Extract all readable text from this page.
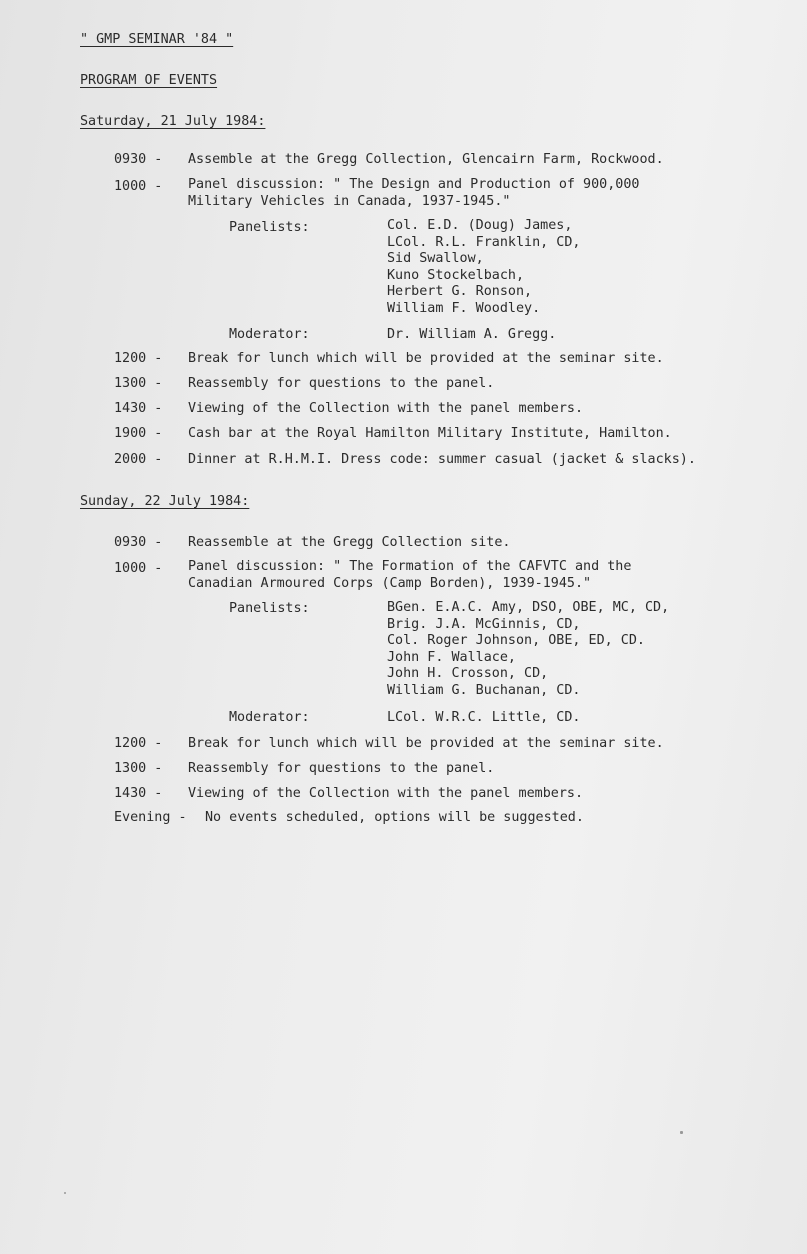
" GMP SEMINAR '84 "
PROGRAM OF EVENTS
Saturday, 21 July 1984:
0930 -	Assemble at the Gregg Collection, Glencairn Farm, Rockwood.
1000 -	Panel discussion: " The Design and Production of 900,000 Military Vehicles in Canada, 1937-1945."
Panelists:	Col. E.D. (Doug) James,
LCol. R.L. Franklin, CD,
Sid Swallow,
Kuno Stockelbach,
Herbert G. Ronson,
William F. Woodley.
Moderator:	Dr. William A. Gregg.
1200 -	Break for lunch which will be provided at the seminar site.
1300 -	Reassembly for questions to the panel.
1430 -	Viewing of the Collection with the panel members.
1900 -	Cash bar at the Royal Hamilton Military Institute, Hamilton.
2000 -	Dinner at R.H.M.I. Dress code: summer casual (jacket & slacks).
Sunday, 22 July 1984:
0930 -	Reassemble at the Gregg Collection site.
1000 -	Panel discussion: " The Formation of the CAFVTC and the Canadian Armoured Corps (Camp Borden), 1939-1945."
Panelists:	BGen. E.A.C. Amy, DSO, OBE, MC, CD,
Brig. J.A. McGinnis, CD,
Col. Roger Johnson, OBE, ED, CD.
John F. Wallace,
John H. Crosson, CD,
William G. Buchanan, CD.
Moderator:	LCol. W.R.C. Little, CD.
1200 -	Break for lunch which will be provided at the seminar site.
1300 -	Reassembly for questions to the panel.
1430 -	Viewing of the Collection with the panel members.
Evening -	No events scheduled, options will be suggested.
